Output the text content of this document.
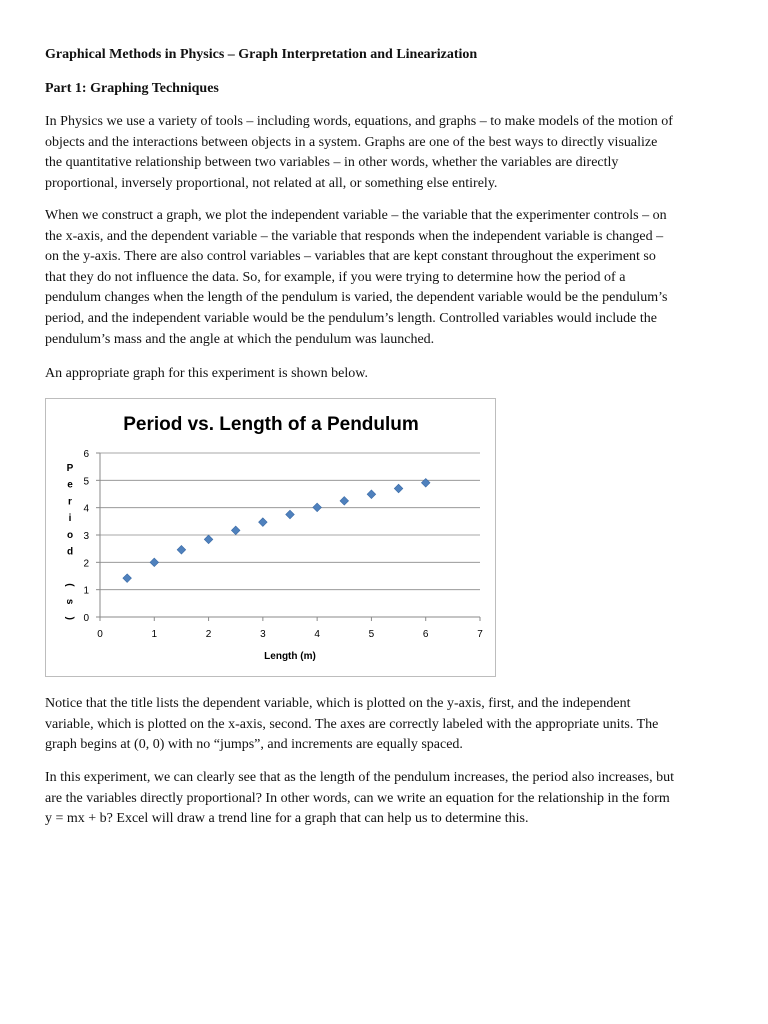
Graphical Methods in Physics – Graph Interpretation and Linearization
Part 1: Graphing Techniques
In Physics we use a variety of tools – including words, equations, and graphs – to make models of the motion of
objects and the interactions between objects in a system. Graphs are one of the best ways to directly visualize
the quantitative relationship between two variables – in other words, whether the variables are directly
proportional, inversely proportional, not related at all, or something else entirely.
When we construct a graph, we plot the independent variable – the variable that the experimenter controls – on
the x-axis, and the dependent variable – the variable that responds when the independent variable is changed –
on the y-axis. There are also control variables – variables that are kept constant throughout the experiment so
that they do not influence the data. So, for example, if you were trying to determine how the period of a
pendulum changes when the length of the pendulum is varied, the dependent variable would be the pendulum’s
period, and the independent variable would be the pendulum’s length. Controlled variables would include the
pendulum’s mass and the angle at which the pendulum was launched.
An appropriate graph for this experiment is shown below.
Notice that the title lists the dependent variable, which is plotted on the y-axis, first, and the independent
variable, which is plotted on the x-axis, second. The axes are correctly labeled with the appropriate units. The
graph begins at (0, 0) with no “jumps”, and increments are equally spaced.
In this experiment, we can clearly see that as the length of the pendulum increases, the period also increases, but
are the variables directly proportional? In other words, can we write an equation for the relationship in the form
y = mx + b? Excel will draw a trend line for a graph that can help us to determine this.
Period vs. Length of a Pendulum
0
1
2
3
4
5
6
0	1	2	3	4	5	6	7
P
e
r
i
o
d
(
s
)
Length (m)
